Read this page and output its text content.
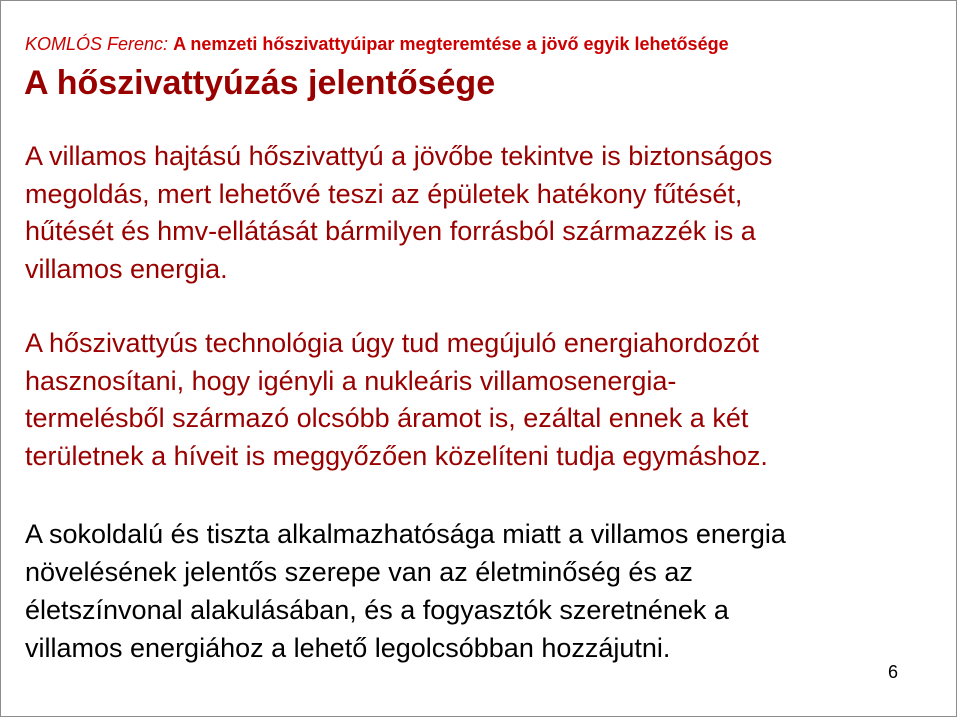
KOMLÓS Ferenc: A nemzeti hőszivattyúipar megteremtése a jövő egyik lehetősége
A hőszivattyúzás jelentősége

A villamos hajtású hőszivattyú a jövőbe tekintve is biztonságos
megoldás, mert lehetővé teszi az épületek hatékony fűtését,
hűtését és hmv-ellátását bármilyen forrásból származzék is a
villamos energia.

A hőszivattyús technológia úgy tud megújuló energiahordozót
hasznosítani, hogy igényli a nukleáris villamosenergia-
termelésből származó olcsóbb áramot is, ezáltal ennek a két
területnek a híveit is meggyőzően közelíteni tudja egymáshoz.

A sokoldalú és tiszta alkalmazhatósága miatt a villamos energia
növelésének jelentős szerepe van az életminőség és az
életszínvonal alakulásában, és a fogyasztók szeretnének a
villamos energiához a lehető legolcsóbban hozzájutni.

6
